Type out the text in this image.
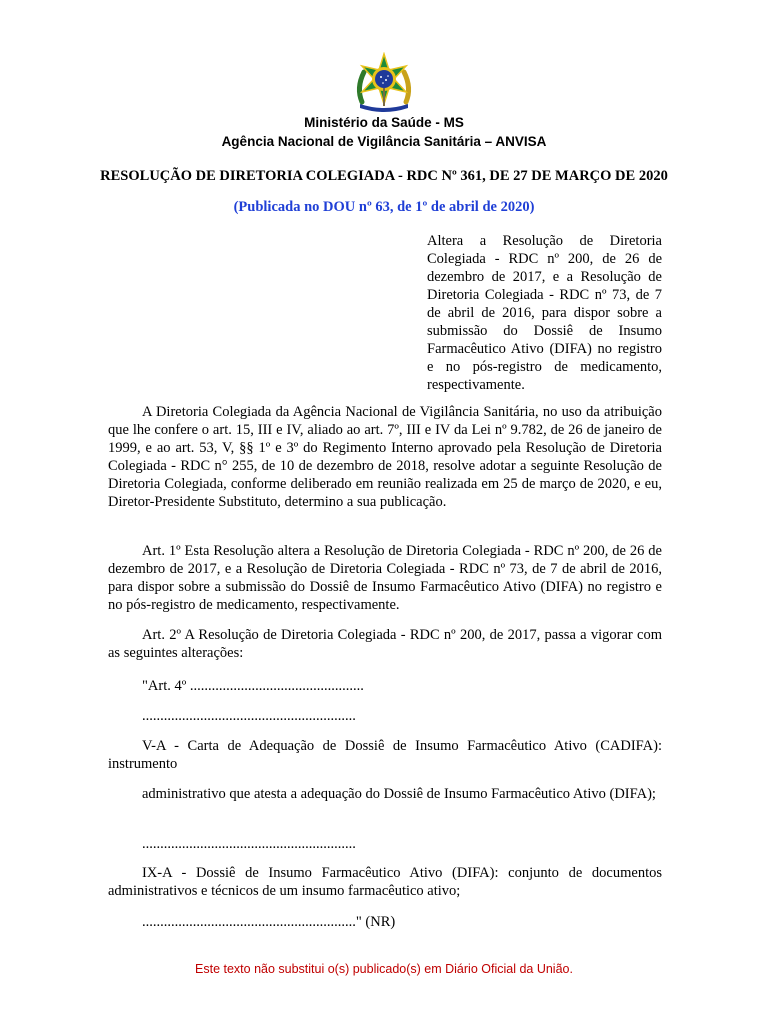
Ministério da Saúde - MS
Agência Nacional de Vigilância Sanitária – ANVISA
RESOLUÇÃO DE DIRETORIA COLEGIADA - RDC Nº 361, DE 27 DE MARÇO DE 2020
(Publicada no DOU nº 63, de 1º de abril de 2020)
Altera a Resolução de Diretoria Colegiada - RDC nº 200, de 26 de dezembro de 2017, e a Resolução de Diretoria Colegiada - RDC nº 73, de 7 de abril de 2016, para dispor sobre a submissão do Dossiê de Insumo Farmacêutico Ativo (DIFA) no registro e no pós-registro de medicamento, respectivamente.

A Diretoria Colegiada da Agência Nacional de Vigilância Sanitária, no uso da atribuição que lhe confere o art. 15, III e IV, aliado ao art. 7º, III e IV da Lei nº 9.782, de 26 de janeiro de 1999, e ao art. 53, V, §§ 1º e 3º do Regimento Interno aprovado pela Resolução de Diretoria Colegiada - RDC n° 255, de 10 de dezembro de 2018, resolve adotar a seguinte Resolução de Diretoria Colegiada, conforme deliberado em reunião realizada em 25 de março de 2020, e eu, Diretor-Presidente Substituto, determino a sua publicação.

Art. 1º Esta Resolução altera a Resolução de Diretoria Colegiada - RDC nº 200, de 26 de dezembro de 2017, e a Resolução de Diretoria Colegiada - RDC nº 73, de 7 de abril de 2016, para dispor sobre a submissão do Dossiê de Insumo Farmacêutico Ativo (DIFA) no registro e no pós-registro de medicamento, respectivamente.

Art. 2º A Resolução de Diretoria Colegiada - RDC nº 200, de 2017, passa a vigorar com as seguintes alterações:

"Art. 4º ................................................

...........................................................

V-A - Carta de Adequação de Dossiê de Insumo Farmacêutico Ativo (CADIFA): instrumento

administrativo que atesta a adequação do Dossiê de Insumo Farmacêutico Ativo (DIFA);

...........................................................

IX-A - Dossiê de Insumo Farmacêutico Ativo (DIFA): conjunto de documentos administrativos e técnicos de um insumo farmacêutico ativo;

..........................................................." (NR)

Este texto não substitui o(s) publicado(s) em Diário Oficial da União.
